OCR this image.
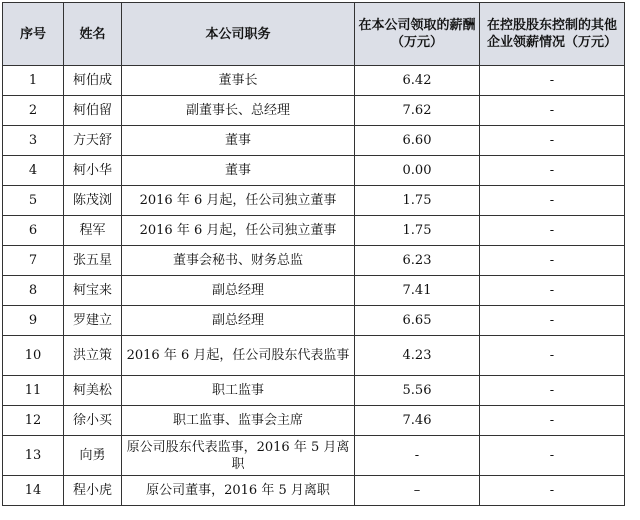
序号	姓名	本公司职务	在本公司领取的薪酬（万元）	在控股股东控制的其他企业领薪情况（万元）
1	柯伯成	董事长	6.42	-
2	柯伯留	副董事长、总经理	7.62	-
3	方天舒	董事	6.60	-
4	柯小华	董事	0.00	-
5	陈茂浏	2016 年 6 月起，任公司独立董事	1.75	-
6	程军	2016 年 6 月起，任公司独立董事	1.75	-
7	张五星	董事会秘书、财务总监	6.23	-
8	柯宝来	副总经理	7.41	-
9	罗建立	副总经理	6.65	-
10	洪立策	2016 年 6 月起，任公司股东代表监事	4.23	-
11	柯美松	职工监事	5.56	-
12	徐小买	职工监事、监事会主席	7.46	-
13	向勇	原公司股东代表监事，2016 年 5 月离职	-	-
14	程小虎	原公司董事，2016 年 5 月离职	–	-
